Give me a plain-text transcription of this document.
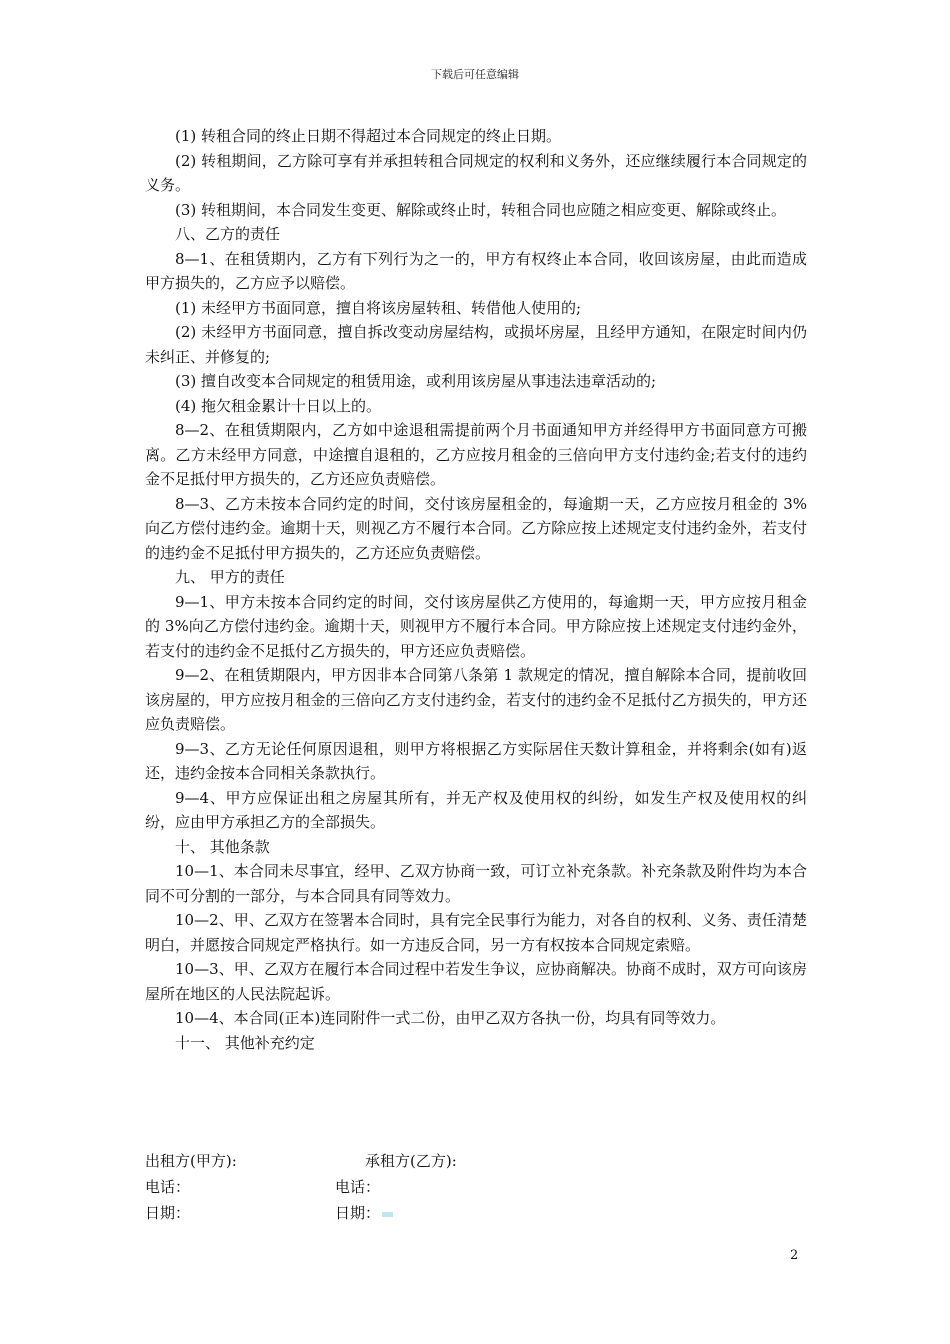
下载后可任意编辑

(1) 转租合同的终止日期不得超过本合同规定的终止日期。

(2) 转租期间，乙方除可享有并承担转租合同规定的权利和义务外，还应继续履行本合同规定的义务。

(3) 转租期间，本合同发生变更、解除或终止时，转租合同也应随之相应变更、解除或终止。

八、乙方的责任

8—1、在租赁期内，乙方有下列行为之一的，甲方有权终止本合同，收回该房屋，由此而造成甲方损失的，乙方应予以赔偿。

(1) 未经甲方书面同意，擅自将该房屋转租、转借他人使用的;

(2) 未经甲方书面同意，擅自拆改变动房屋结构，或损坏房屋，且经甲方通知，在限定时间内仍未纠正、并修复的;

(3) 擅自改变本合同规定的租赁用途，或利用该房屋从事违法违章活动的;

(4) 拖欠租金累计十日以上的。

8—2、在租赁期限内，乙方如中途退租需提前两个月书面通知甲方并经得甲方书面同意方可搬离。乙方未经甲方同意，中途擅自退租的，乙方应按月租金的三倍向甲方支付违约金;若支付的违约金不足抵付甲方损失的，乙方还应负责赔偿。

8—3、乙方未按本合同约定的时间，交付该房屋租金的，每逾期一天，乙方应按月租金的 3%向乙方偿付违约金。逾期十天，则视乙方不履行本合同。乙方除应按上述规定支付违约金外，若支付的违约金不足抵付甲方损失的，乙方还应负责赔偿。

九、 甲方的责任

9—1、甲方未按本合同约定的时间，交付该房屋供乙方使用的，每逾期一天，甲方应按月租金的 3%向乙方偿付违约金。逾期十天，则视甲方不履行本合同。甲方除应按上述规定支付违约金外，若支付的违约金不足抵付乙方损失的，甲方还应负责赔偿。

9—2、在租赁期限内，甲方因非本合同第八条第 1 款规定的情况，擅自解除本合同，提前收回该房屋的，甲方应按月租金的三倍向乙方支付违约金，若支付的违约金不足抵付乙方损失的，甲方还应负责赔偿。

9—3、乙方无论任何原因退租，则甲方将根据乙方实际居住天数计算租金，并将剩余(如有)返还，违约金按本合同相关条款执行。

9—4、甲方应保证出租之房屋其所有，并无产权及使用权的纠纷，如发生产权及使用权的纠纷，应由甲方承担乙方的全部损失。

十、 其他条款

10—1、本合同未尽事宜，经甲、乙双方协商一致，可订立补充条款。补充条款及附件均为本合同不可分割的一部分，与本合同具有同等效力。

10—2、甲、乙双方在签署本合同时，具有完全民事行为能力，对各自的权利、义务、责任清楚明白，并愿按合同规定严格执行。如一方违反合同，另一方有权按本合同规定索赔。

10—3、甲、乙双方在履行本合同过程中若发生争议，应协商解决。协商不成时，双方可向该房屋所在地区的人民法院起诉。

10—4、本合同(正本)连同附件一式二份，由甲乙双方各执一份，均具有同等效力。

十一、 其他补充约定

出租方(甲方):	承租方(乙方):
电话：	电话：
日期：	日期：
2
